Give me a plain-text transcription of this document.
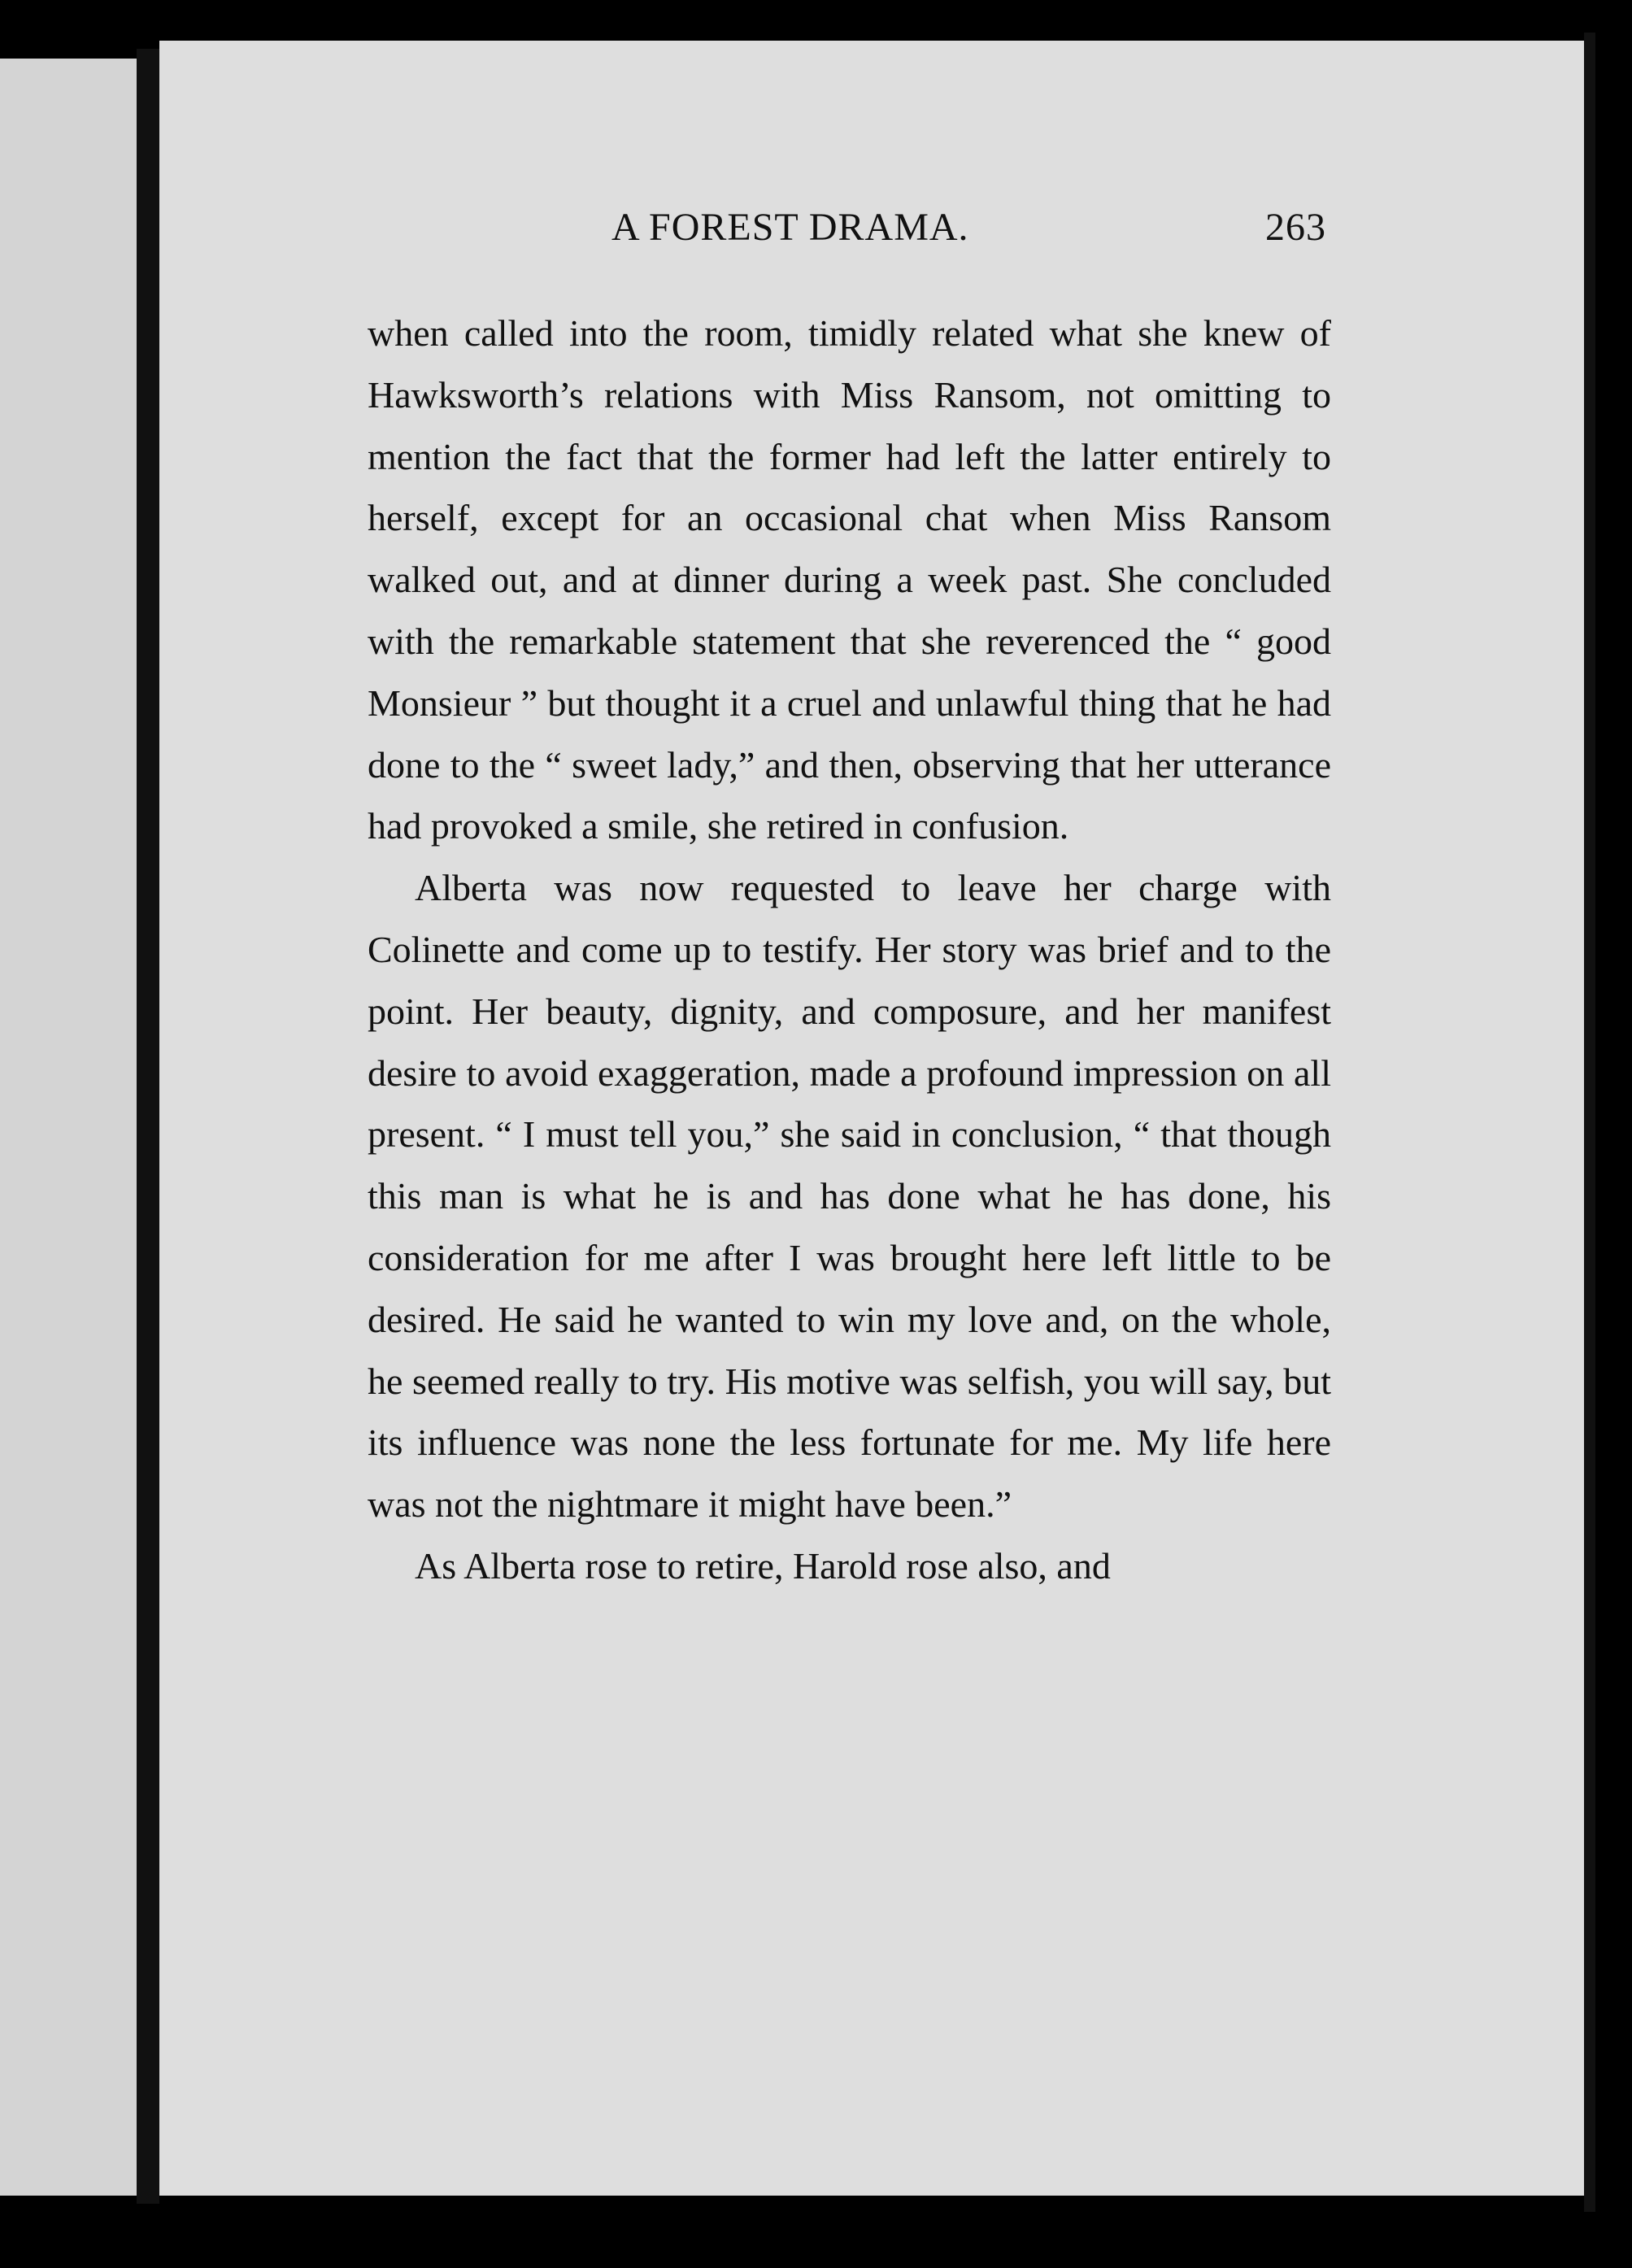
A FOREST DRAMA.	263

when called into the room, timidly related what she knew of Hawksworth’s relations with Miss Ransom, not omitting to mention the fact that the former had left the latter entirely to herself, except for an occasional chat when Miss Ransom walked out, and at dinner during a week past. She concluded with the remarkable statement that she reverenced the “ good Monsieur ” but thought it a cruel and unlawful thing that he had done to the “ sweet lady,” and then, observing that her utterance had provoked a smile, she retired in confusion.

Alberta was now requested to leave her charge with Colinette and come up to testify. Her story was brief and to the point. Her beauty, dignity, and composure, and her manifest desire to avoid exaggeration, made a profound impression on all present. “ I must tell you,” she said in conclusion, “ that though this man is what he is and has done what he has done, his consideration for me after I was brought here left little to be desired. He said he wanted to win my love and, on the whole, he seemed really to try. His motive was selfish, you will say, but its influence was none the less fortunate for me. My life here was not the nightmare it might have been.”

As Alberta rose to retire, Harold rose also, and
